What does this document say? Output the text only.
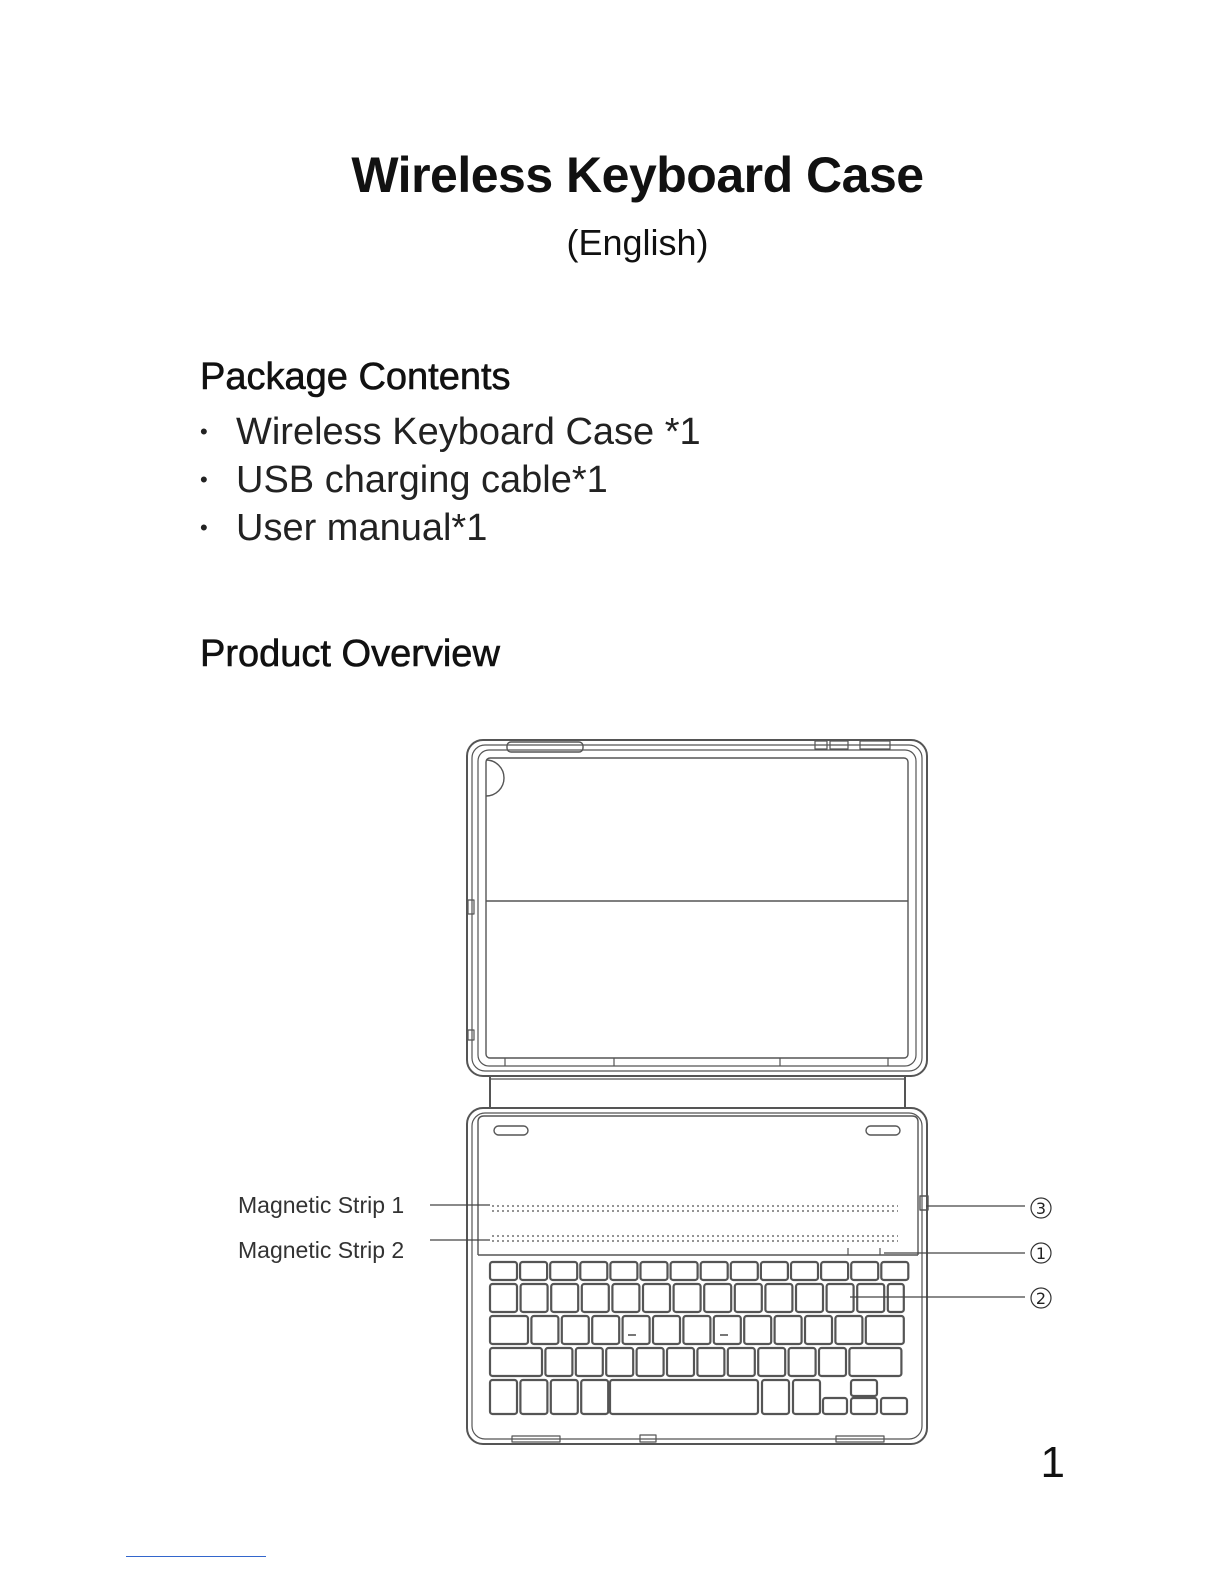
Wireless Keyboard Case
(English)
Package Contents
• Wireless Keyboard Case *1
• USB charging cable*1
• User manual*1
Product Overview
Magnetic Strip 1
Magnetic Strip 2
3
1
2
1
